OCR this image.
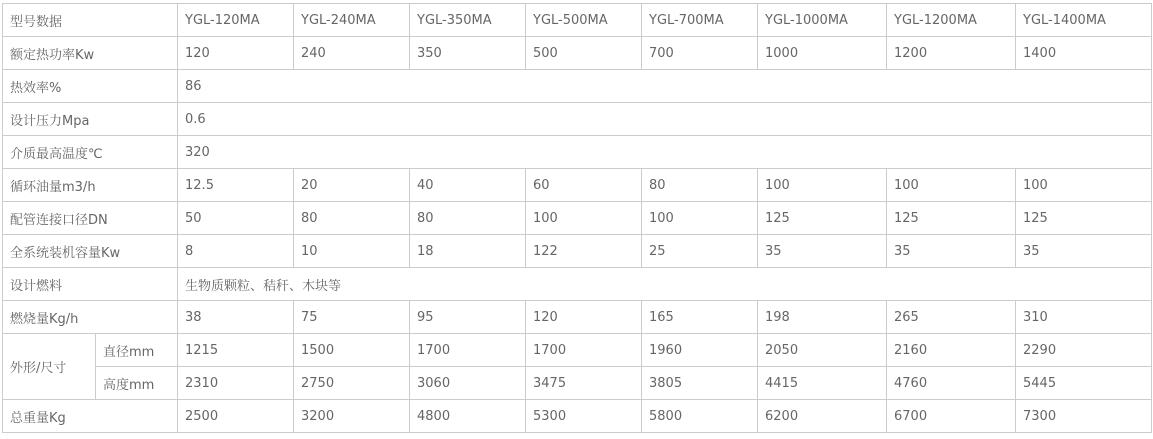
型号数据		YGL-120MA	YGL-240MA	YGL-350MA	YGL-500MA	YGL-700MA	YGL-1000MA	YGL-1200MA	YGL-1400MA
额定热功率Kw		120	240	350	500	700	1000	1200	1400
热效率%		86							
设计压力Mpa		0.6							
介质最高温度℃		320							
循环油量m3/h		12.5	20	40	60	80	100	100	100
配管连接口径DN		50	80	80	100	100	125	125	125
全系统装机容量Kw		8	10	18	122	25	35	35	35
设计燃料		生物质颗粒、秸秆、木块等							
燃烧量Kg/h		38	75	95	120	165	198	265	310
外形/尺寸	直径mm	1215	1500	1700	1700	1960	2050	2160	2290
	高度mm	2310	2750	3060	3475	3805	4415	4760	5445
总重量Kg		2500	3200	4800	5300	5800	6200	6700	7300
